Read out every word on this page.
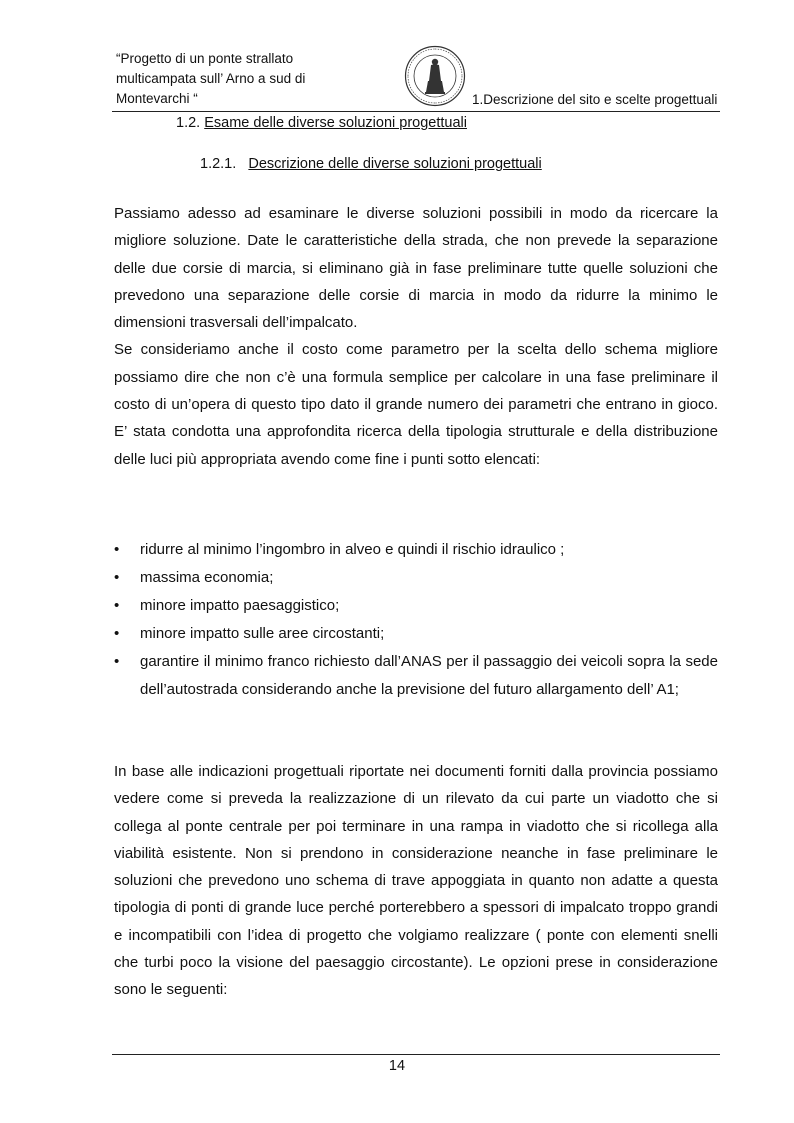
“Progetto di un ponte strallato
multicampata sull’ Arno a sud di
Montevarchi “	1.Descrizione del sito e scelte progettuali
1.2. Esame delle diverse soluzioni progettuali
1.2.1. Descrizione delle diverse soluzioni progettuali

Passiamo adesso ad esaminare le diverse soluzioni possibili in modo da ricercare la migliore soluzione. Date le caratteristiche della strada, che non prevede la separazione delle due corsie di marcia, si eliminano già in fase preliminare tutte quelle soluzioni che prevedono una separazione delle corsie di marcia in modo da ridurre la minimo le dimensioni trasversali dell’impalcato.

Se consideriamo anche il costo come parametro per la scelta dello schema migliore possiamo dire che non c’è una formula semplice per calcolare in una fase preliminare il costo di un’opera di questo tipo dato il grande numero dei parametri che entrano in gioco. E’ stata condotta una approfondita ricerca della tipologia strutturale e della distribuzione delle luci più appropriata avendo come fine i punti sotto elencati:

• ridurre al minimo l’ingombro in alveo e quindi il rischio idraulico ;
• massima economia;
• minore impatto paesaggistico;
• minore impatto sulle aree circostanti;
• garantire il minimo franco richiesto dall’ANAS per il passaggio dei veicoli sopra la sede dell’autostrada considerando anche la previsione del futuro allargamento dell’ A1;

In base alle indicazioni progettuali riportate nei documenti forniti dalla provincia possiamo vedere come si preveda la realizzazione di un rilevato da cui parte un viadotto che si collega al ponte centrale per poi terminare in una rampa in viadotto che si ricollega alla viabilità esistente. Non si prendono in considerazione neanche in fase preliminare le soluzioni che prevedono uno schema di trave appoggiata in quanto non adatte a questa tipologia di ponti di grande luce perché porterebbero a spessori di impalcato troppo grandi e incompatibili con l’idea di progetto che volgiamo realizzare ( ponte con elementi snelli che turbi poco la visione del paesaggio circostante). Le opzioni prese in considerazione sono le seguenti:

14
